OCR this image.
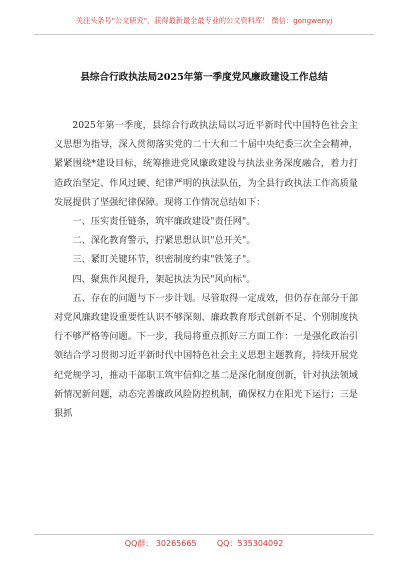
关注头条号"公文研究"，获得最新最全最专业的公文资料库！ 微信：gongwenyj
县综合行政执法局2025年第一季度党风廉政建设工作总结

2025年第一季度，县综合行政执法局以习近平新时代中国特色社会主义思想为指导，深入贯彻落实党的二十大和二十届中央纪委三次全会精神，紧紧围绕*建设目标，统筹推进党风廉政建设与执法业务深度融合，着力打造政治坚定、作风过硬、纪律严明的执法队伍，为全县行政执法工作高质量发展提供了坚强纪律保障。现将工作情况总结如下：

一、压实责任链条，筑牢廉政建设"责任网"。

二、深化教育警示，拧紧思想认识"总开关"。

三、紧盯关键环节，织密制度约束"铁笼子"。

四、聚焦作风提升，架起执法为民"风向标"。

五、存在的问题与下一步计划。尽管取得一定成效，但仍存在部分干部对党风廉政建设重要性认识不够深刻、廉政教育形式创新不足、个别制度执行不够严格等问题。下一步，我局将重点抓好三方面工作：一是强化政治引领结合学习贯彻习近平新时代中国特色社会主义思想主题教育，持续开展党纪党规学习，推动干部职工筑牢信仰之基二是深化制度创新，针对执法领域新情况新问题，动态完善廉政风险防控机制，确保权力在阳光下运行；三是狠抓

QQ群： 30265665        QQ：535304092
